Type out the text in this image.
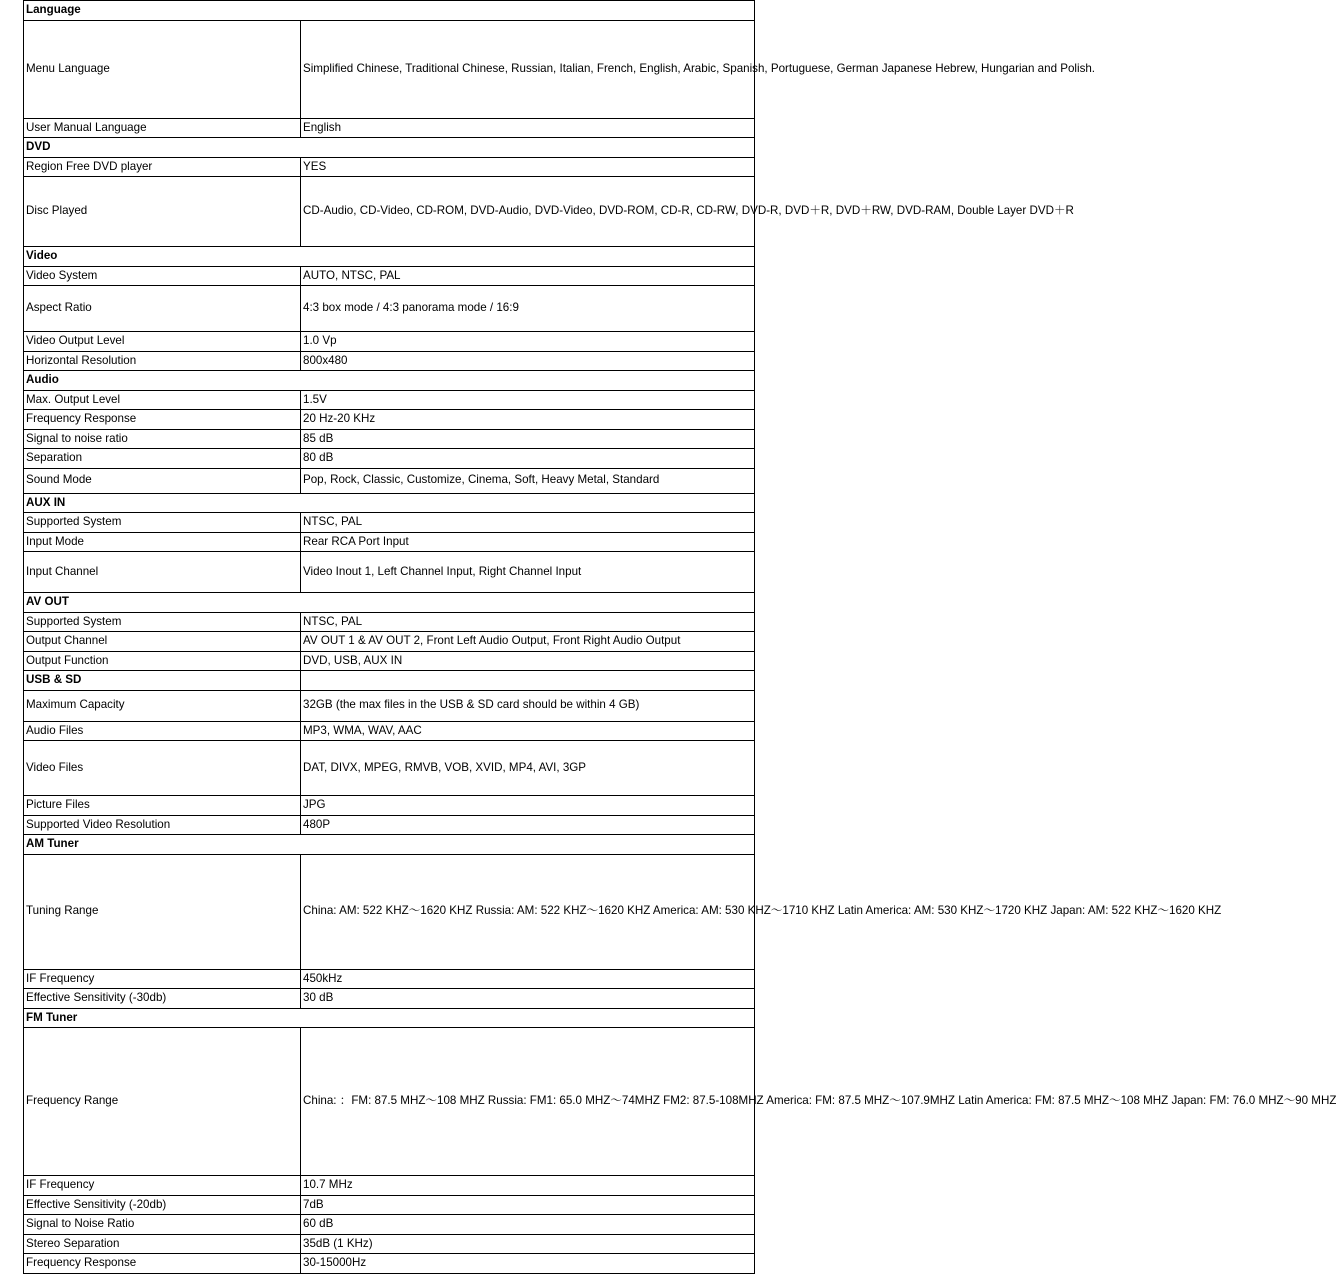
Language	
Menu Language	Simplified Chinese, Traditional Chinese, Russian, Italian, French, English, Arabic, Spanish, Portuguese, German Japanese Hebrew, Hungarian and Polish.
User Manual Language	English
DVD	
Region Free DVD player	YES
Disc Played	CD-Audio, CD-Video, CD-ROM, DVD-Audio, DVD-Video, DVD-ROM, CD-R, CD-RW, DVD-R, DVD＋R, DVD＋RW, DVD-RAM, Double Layer DVD＋R
Video	
Video System	AUTO, NTSC, PAL
Aspect Ratio	4:3 box mode / 4:3 panorama mode / 16:9
Video Output Level	1.0 Vp
Horizontal Resolution	800x480
Audio	
Max. Output Level	1.5V
Frequency Response	20 Hz-20 KHz
Signal to noise ratio	85 dB
Separation	80 dB
Sound Mode	Pop, Rock, Classic, Customize, Cinema, Soft, Heavy Metal, Standard
AUX IN	
Supported System	NTSC, PAL
Input Mode	Rear RCA Port Input
Input Channel	Video Inout 1, Left Channel Input, Right Channel Input
AV OUT	
Supported System	NTSC, PAL
Output Channel	AV OUT 1 & AV OUT 2, Front Left Audio Output, Front Right Audio Output
Output Function	DVD, USB, AUX IN
USB & SD	
Maximum Capacity	32GB (the max files in the USB & SD card should be within 4 GB)
Audio Files	MP3, WMA, WAV, AAC
Video Files	DAT, DIVX, MPEG, RMVB, VOB, XVID, MP4, AVI, 3GP
Picture Files	JPG
Supported Video Resolution	480P
AM Tuner	
Tuning Range	China: AM: 522 KHZ～1620 KHZ Russia: AM: 522 KHZ～1620 KHZ America: AM: 530 KHZ～1710 KHZ Latin America: AM: 530 KHZ～1720 KHZ Japan: AM: 522 KHZ～1620 KHZ
IF Frequency	450kHz
Effective Sensitivity (-30db)	30 dB
FM Tuner	
Frequency Range	China: ：FM: 87.5 MHZ～108 MHZ Russia: FM1: 65.0 MHZ～74MHZ FM2: 87.5-108MHZ America: FM: 87.5 MHZ～107.9MHZ Latin America: FM: 87.5 MHZ～108 MHZ Japan: FM: 76.0 MHZ～90 MHZ
IF Frequency	10.7 MHz
Effective Sensitivity (-20db)	7dB
Signal to Noise Ratio	60 dB
Stereo Separation	35dB (1 KHz)
Frequency Response	30-15000Hz
